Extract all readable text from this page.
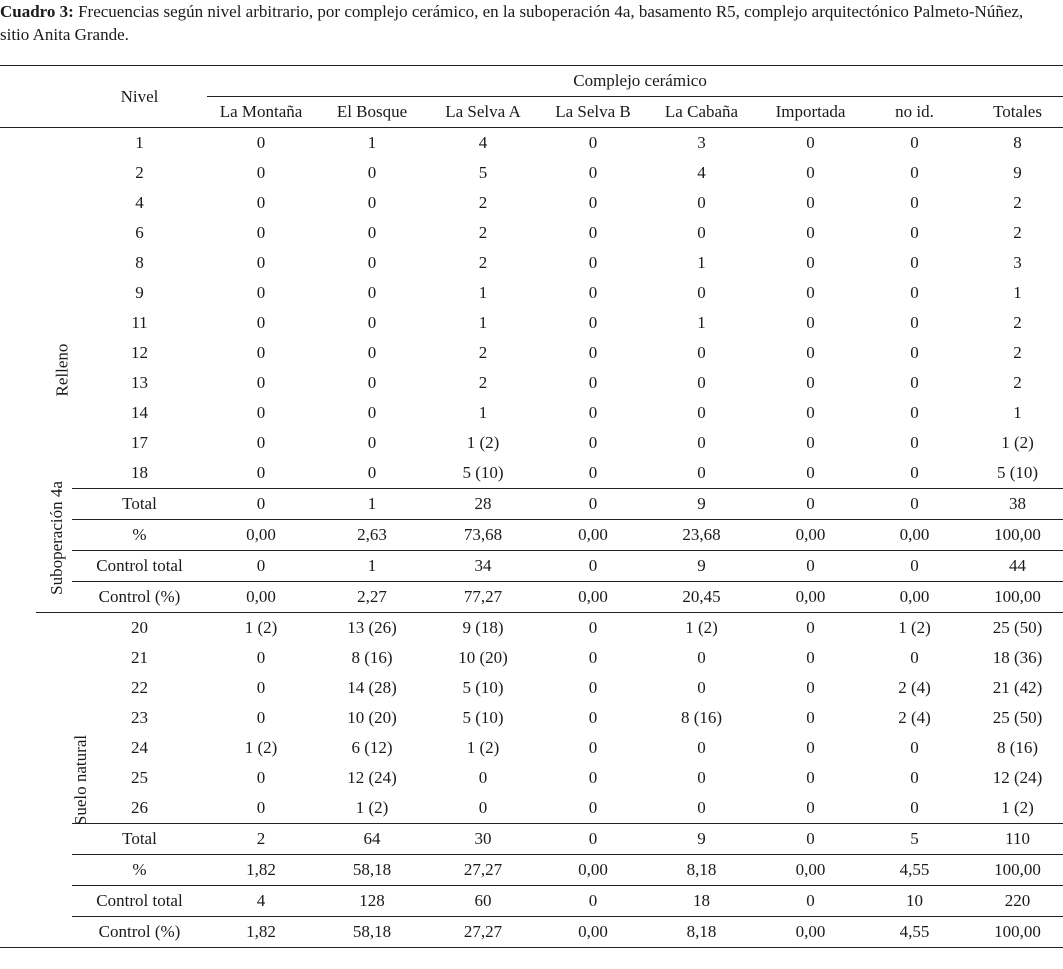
Cuadro 3: Frecuencias según nivel arbitrario, por complejo cerámico, en la suboperación 4a, basamento R5, complejo arquitectónico Palmeto-Núñez, sitio Anita Grande.
		Nivel	Complejo cerámico							
			La Montaña	El Bosque	La Selva A	La Selva B	La Cabaña	Importada	no id.	Totales
Suboperación 4a	Relleno	1	0	1	4	0	3	0	0	8
		2	0	0	5	0	4	0	0	9
		4	0	0	2	0	0	0	0	2
		6	0	0	2	0	0	0	0	2
		8	0	0	2	0	1	0	0	3
		9	0	0	1	0	0	0	0	1
		11	0	0	1	0	1	0	0	2
		12	0	0	2	0	0	0	0	2
		13	0	0	2	0	0	0	0	2
		14	0	0	1	0	0	0	0	1
		17	0	0	1 (2)	0	0	0	0	1 (2)
		18	0	0	5 (10)	0	0	0	0	5 (10)
		Total	0	1	28	0	9	0	0	38
		%	0,00	2,63	73,68	0,00	23,68	0,00	0,00	100,00
		Control total	0	1	34	0	9	0	0	44
		Control (%)	0,00	2,27	77,27	0,00	20,45	0,00	0,00	100,00
	Suelo natural	20	1 (2)	13 (26)	9 (18)	0	1 (2)	0	1 (2)	25 (50)
		21	0	8 (16)	10 (20)	0	0	0	0	18 (36)
		22	0	14 (28)	5 (10)	0	0	0	2 (4)	21 (42)
		23	0	10 (20)	5 (10)	0	8 (16)	0	2 (4)	25 (50)
		24	1 (2)	6 (12)	1 (2)	0	0	0	0	8 (16)
		25	0	12 (24)	0	0	0	0	0	12 (24)
		26	0	1 (2)	0	0	0	0	0	1 (2)
		Total	2	64	30	0	9	0	5	110
		%	1,82	58,18	27,27	0,00	8,18	0,00	4,55	100,00
		Control total	4	128	60	0	18	0	10	220
		Control (%)	1,82	58,18	27,27	0,00	8,18	0,00	4,55	100,00
